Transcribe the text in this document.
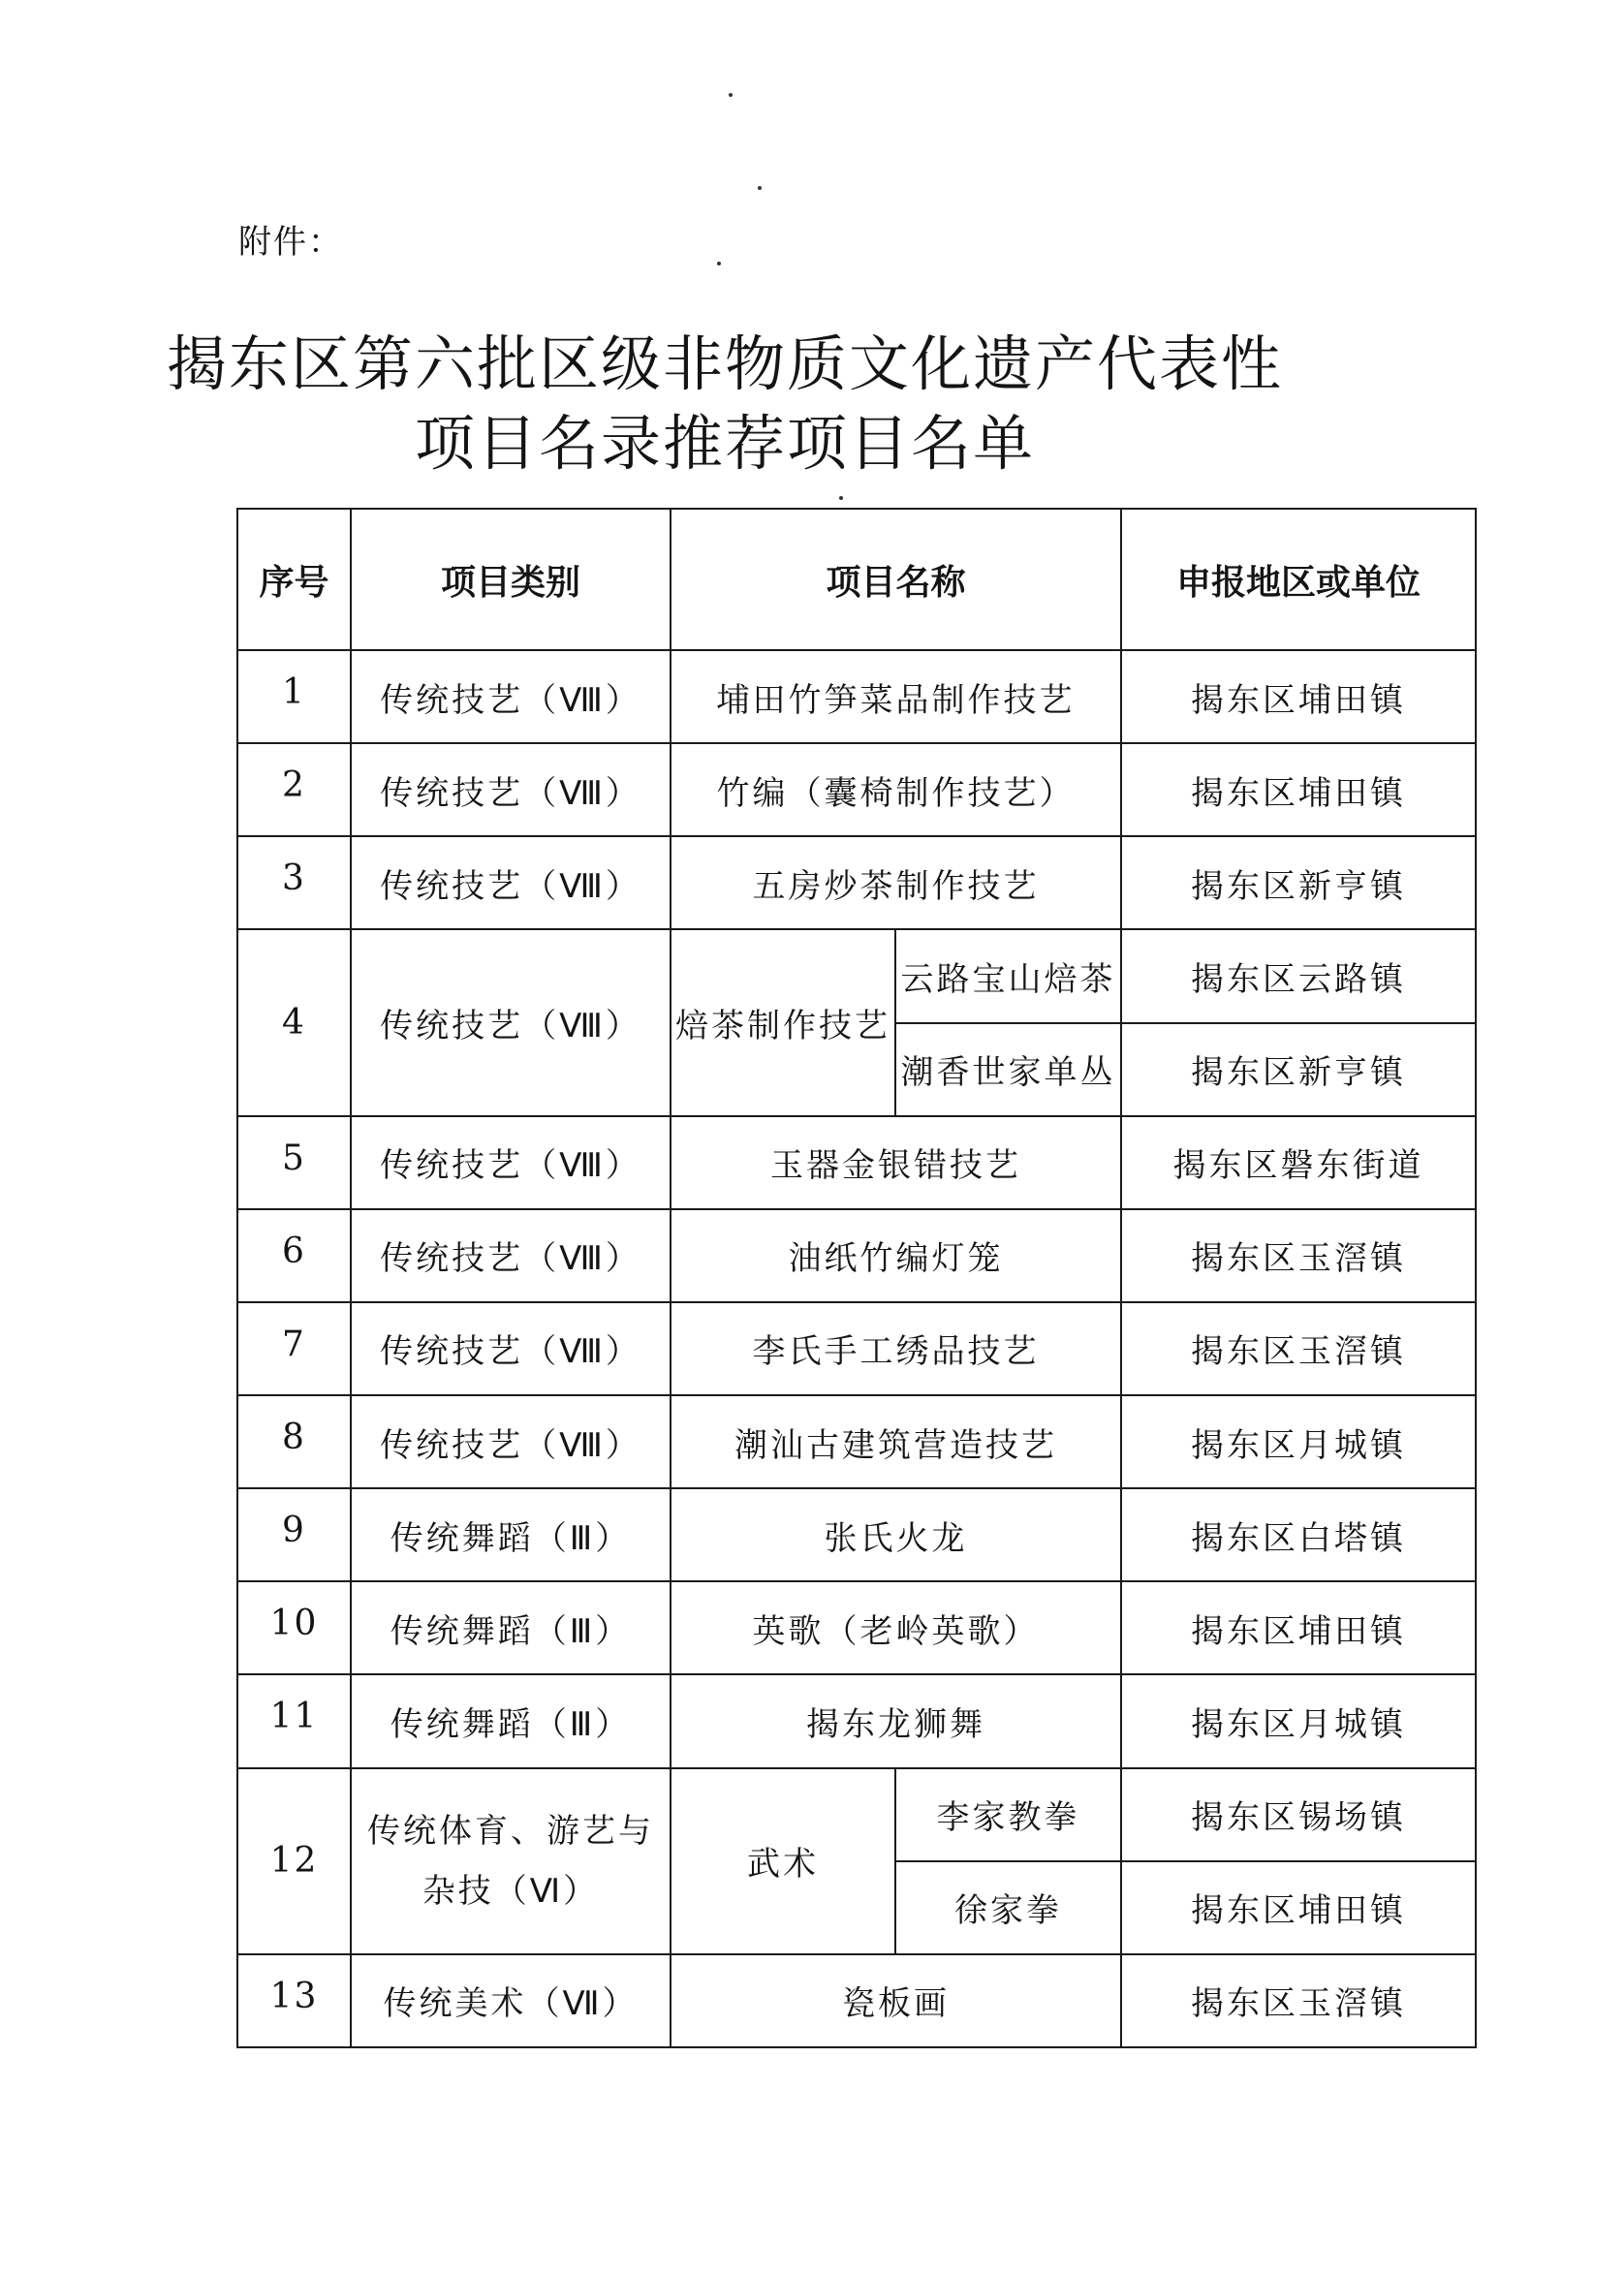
附件：
揭东区第六批区级非物质文化遗产代表性
项目名录推荐项目名单
序号	项目类别	项目名称		申报地区或单位
1	传统技艺（Ⅷ）	埔田竹笋菜品制作技艺		揭东区埔田镇
2	传统技艺（Ⅷ）	竹编（囊椅制作技艺）		揭东区埔田镇
3	传统技艺（Ⅷ）	五房炒茶制作技艺		揭东区新亨镇
4	传统技艺（Ⅷ）	焙茶制作技艺	云路宝山焙茶	揭东区云路镇
			潮香世家单丛	揭东区新亨镇
5	传统技艺（Ⅷ）	玉器金银错技艺		揭东区磐东街道
6	传统技艺（Ⅷ）	油纸竹编灯笼		揭东区玉滘镇
7	传统技艺（Ⅷ）	李氏手工绣品技艺		揭东区玉滘镇
8	传统技艺（Ⅷ）	潮汕古建筑营造技艺		揭东区月城镇
9	传统舞蹈（Ⅲ）	张氏火龙		揭东区白塔镇
10	传统舞蹈（Ⅲ）	英歌（老岭英歌）		揭东区埔田镇
11	传统舞蹈（Ⅲ）	揭东龙狮舞		揭东区月城镇
12	传统体育、游艺与杂技（Ⅵ）	武术	李家教拳	揭东区锡场镇
			徐家拳	揭东区埔田镇
13	传统美术（Ⅶ）	瓷板画		揭东区玉滘镇
